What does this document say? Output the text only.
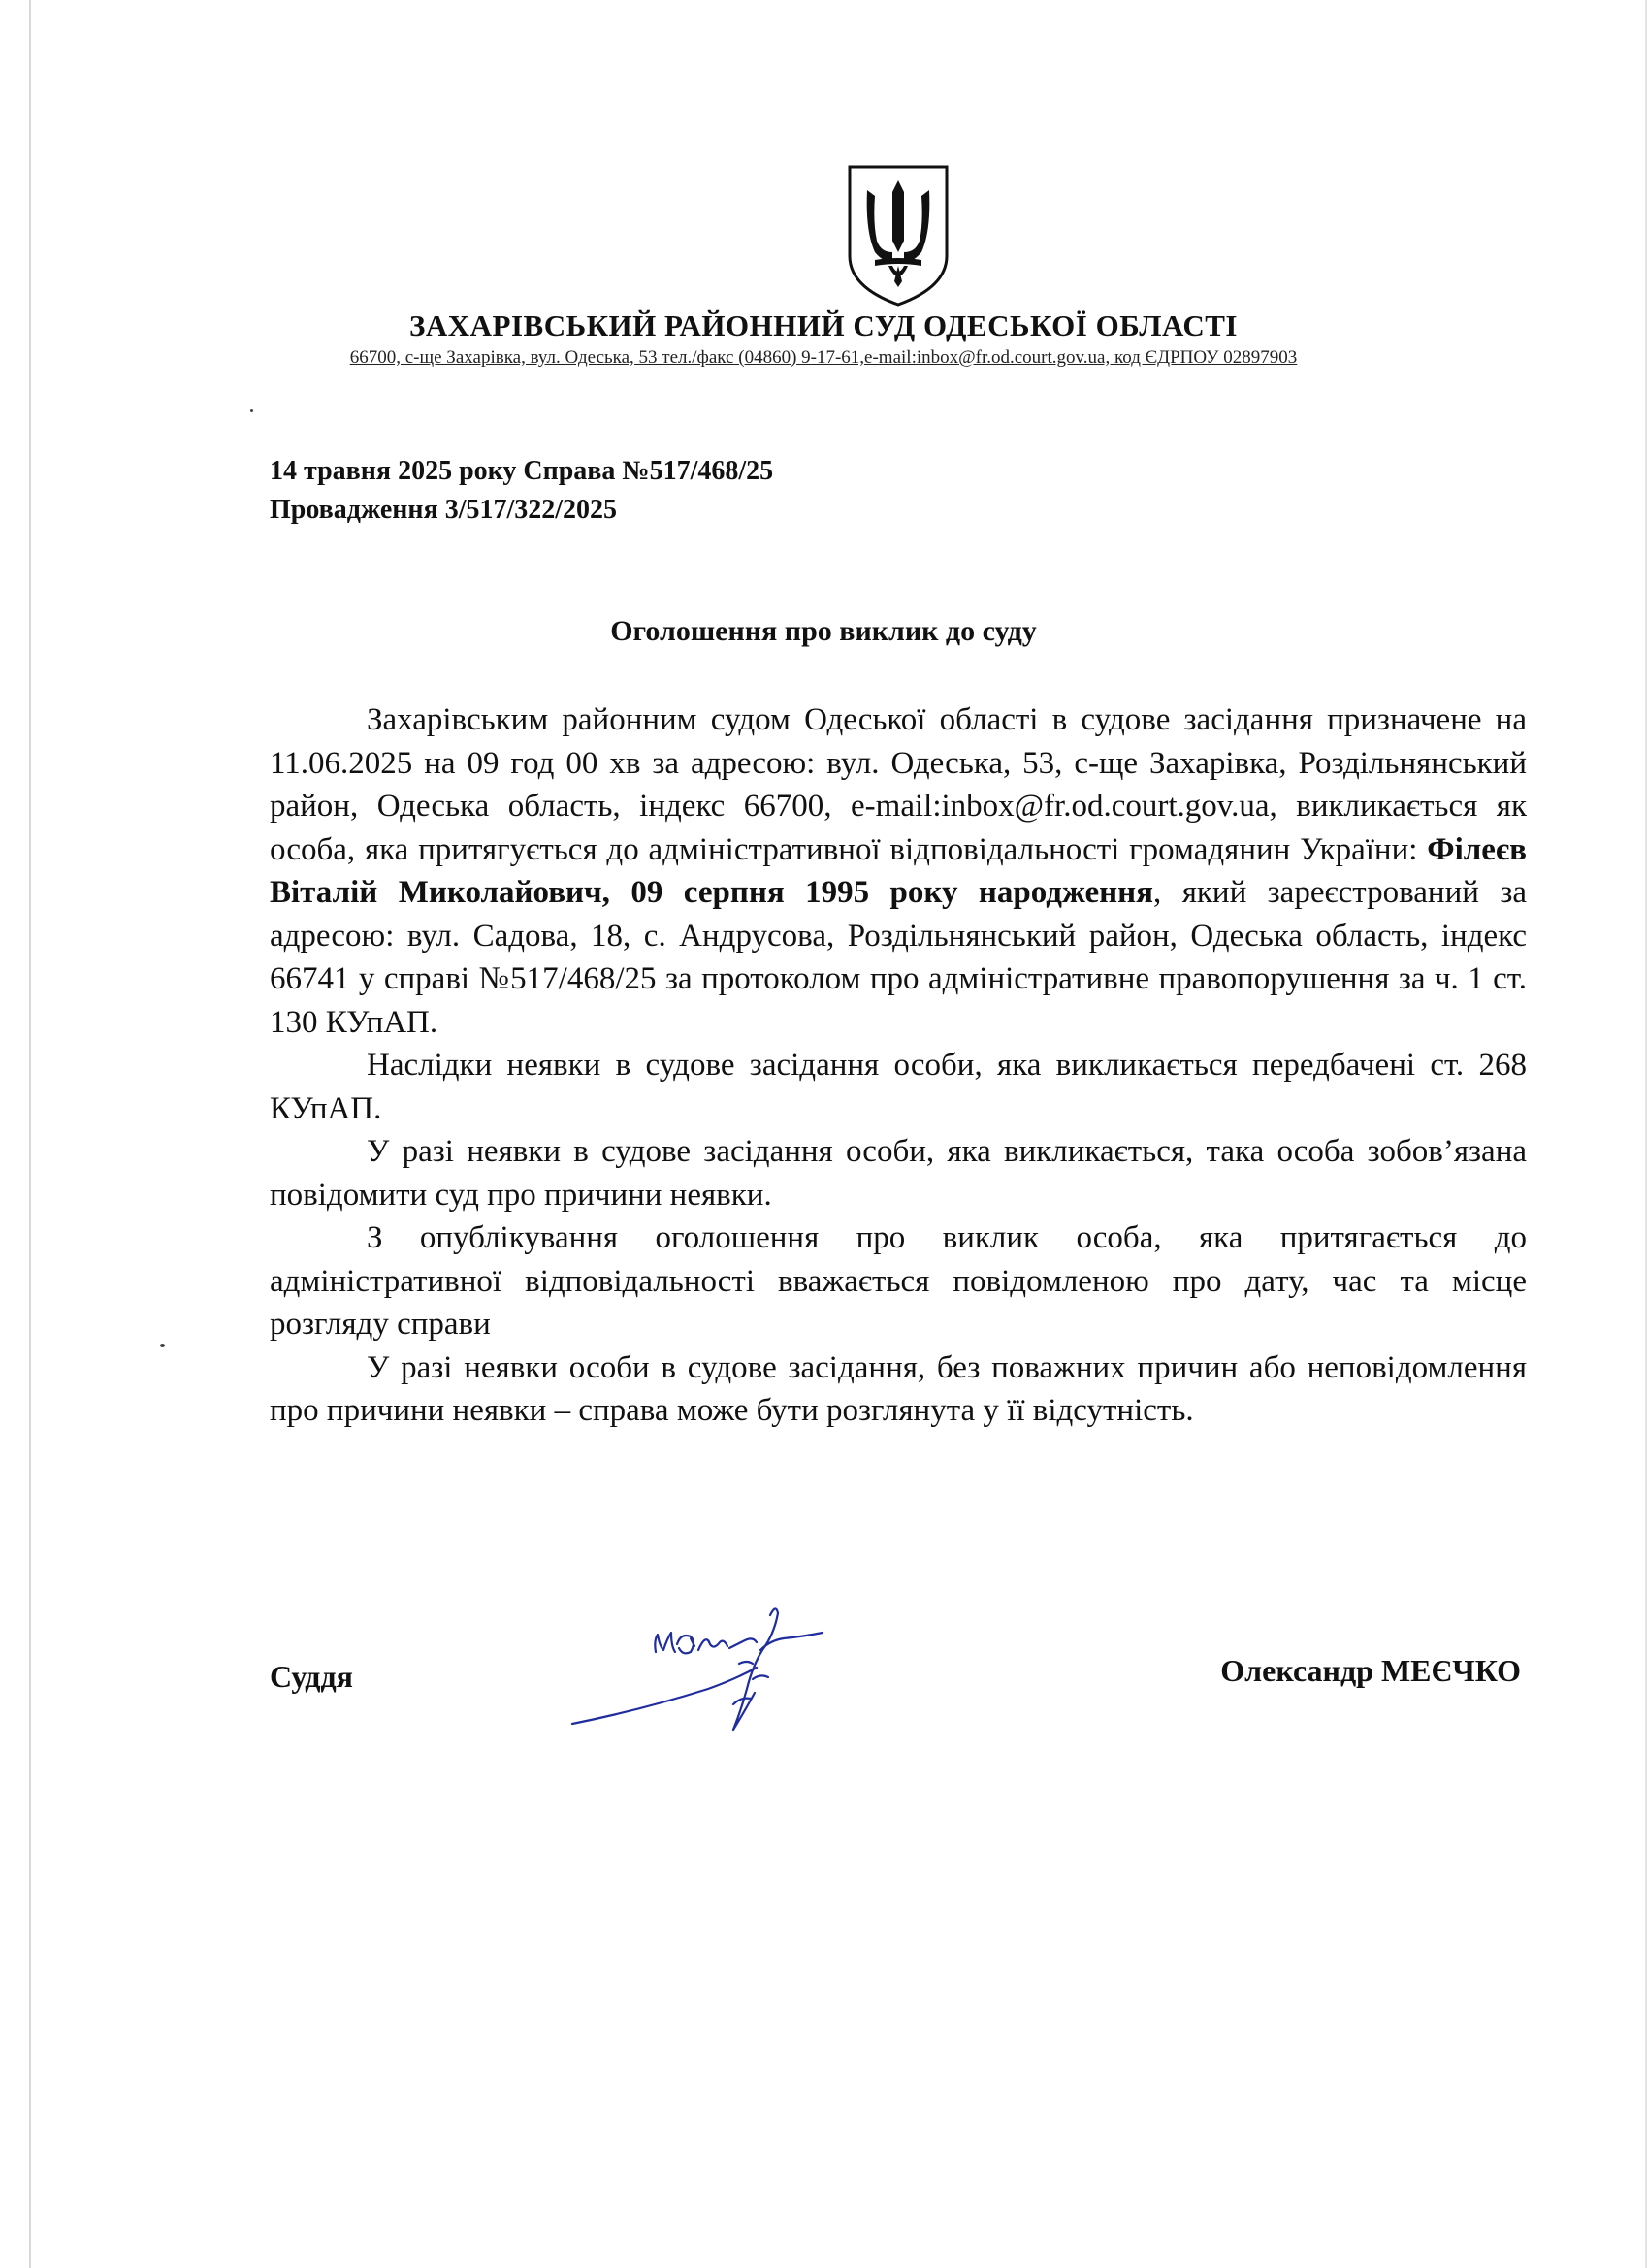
ЗАХАРІВСЬКИЙ РАЙОННИЙ СУД ОДЕСЬКОЇ ОБЛАСТІ
66700, с-ще Захарівка, вул. Одеська, 53 тел./факс (04860) 9-17-61,e-mail:inbox@fr.od.court.gov.ua, код ЄДРПОУ 02897903
14 травня 2025 року Справа №517/468/25
Провадження 3/517/322/2025
Оголошення про виклик до суду

Захарівським районним судом Одеської області в судове засідання призначене на 11.06.2025 на 09 год 00 хв за адресою: вул. Одеська, 53, с-ще Захарівка, Роздільнянський район, Одеська область, індекс 66700, e-mail:inbox@fr.od.court.gov.ua, викликається як особа, яка притягується до адміністративної відповідальності громадянин України: Філеєв Віталій Миколайович, 09 серпня 1995 року народження, який зареєстрований за адресою: вул. Садова, 18, с. Андрусова, Роздільнянський район, Одеська область, індекс 66741 у справі №517/468/25 за протоколом про адміністративне правопорушення за ч. 1 ст. 130 КУпАП.

Наслідки неявки в судове засідання особи, яка викликається передбачені ст. 268 КУпАП.

У разі неявки в судове засідання особи, яка викликається, така особа зобов’язана повідомити суд про причини неявки.

З опублікування оголошення про виклик особа, яка притягається до адміністративної відповідальності вважається повідомленою про дату, час та місце розгляду справи

У разі неявки особи в судове засідання, без поважних причин або неповідомлення про причини неявки – справа може бути розглянута у її відсутність.

Суддя	Олександр МЕЄЧКО
